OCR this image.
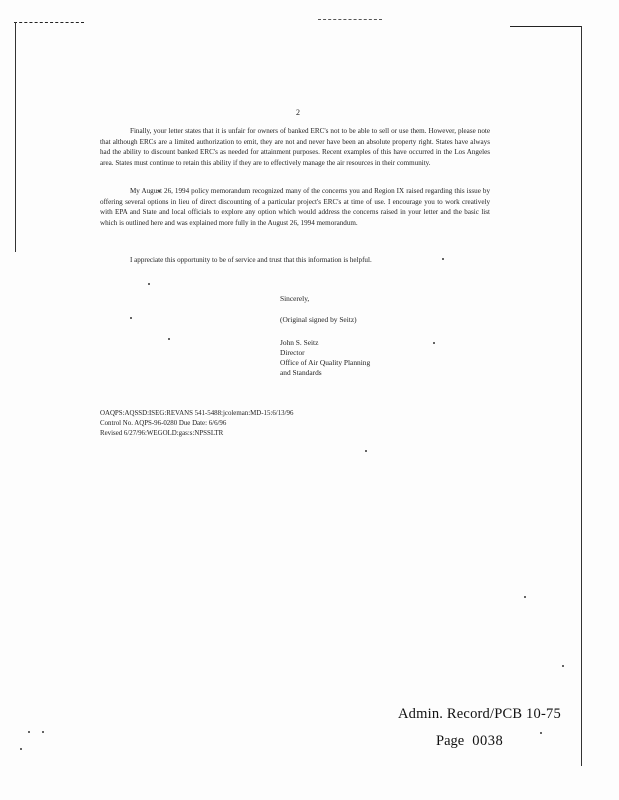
2

Finally, your letter states that it is unfair for owners of banked ERC's not to be able to sell or use them. However, please note that although ERCs are a limited authorization to emit, they are not and never have been an absolute property right. States have always had the ability to discount banked ERC's as needed for attainment purposes. Recent examples of this have occurred in the Los Angeles area. States must continue to retain this ability if they are to effectively manage the air resources in their community.

My August 26, 1994 policy memorandum recognized many of the concerns you and Region IX raised regarding this issue by offering several options in lieu of direct discounting of a particular project's ERC's at time of use. I encourage you to work creatively with EPA and State and local officials to explore any option which would address the concerns raised in your letter and the basic list which is outlined here and was explained more fully in the August 26, 1994 memorandum.

I appreciate this opportunity to be of service and trust that this information is helpful.

Sincerely,
(Original signed by Seitz)
John S. Seitz
Director
Office of Air Quality Planning
and Standards
OAQPS:AQSSD:ISEG:REVANS 541-5488:jcoleman:MD-15:6/13/96
Control No. AQPS-96-0280 Due Date: 6/6/96
Revised 6/27/96:WEGOLD:gas:s:NPSSLTR
Admin. Record/PCB 10-75
Page 0038
